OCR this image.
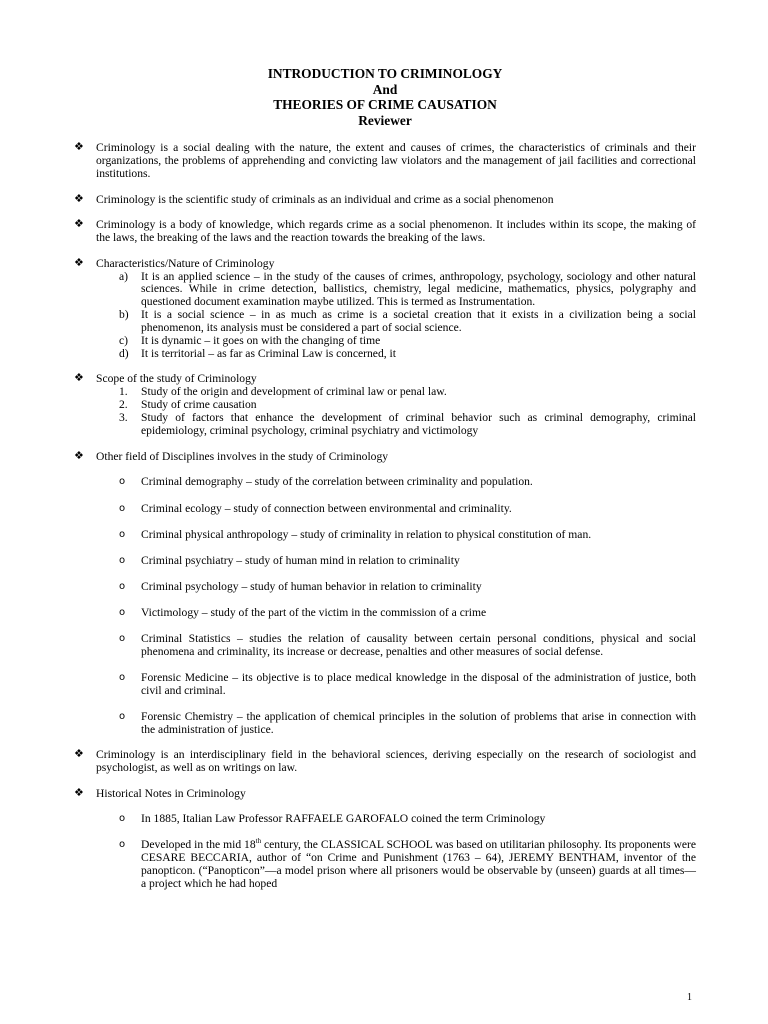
INTRODUCTION TO CRIMINOLOGY
And
THEORIES OF CRIME CAUSATION
Reviewer
❖ Criminology is a social dealing with the nature, the extent and causes of crimes, the characteristics of criminals and their organizations, the problems of apprehending and convicting law violators and the management of jail facilities and correctional institutions.
❖ Criminology is the scientific study of criminals as an individual and crime as a social phenomenon
❖ Criminology is a body of knowledge, which regards crime as a social phenomenon. It includes within its scope, the making of the laws, the breaking of the laws and the reaction towards the breaking of the laws.
❖ Characteristics/Nature of Criminology
a) It is an applied science – in the study of the causes of crimes, anthropology, psychology, sociology and other natural sciences. While in crime detection, ballistics, chemistry, legal medicine, mathematics, physics, polygraphy and questioned document examination maybe utilized. This is termed as Instrumentation.
b) It is a social science – in as much as crime is a societal creation that it exists in a civilization being a social phenomenon, its analysis must be considered a part of social science.
c) It is dynamic – it goes on with the changing of time
d) It is territorial – as far as Criminal Law is concerned, it
❖ Scope of the study of Criminology
1. Study of the origin and development of criminal law or penal law.
2. Study of crime causation
3. Study of factors that enhance the development of criminal behavior such as criminal demography, criminal epidemiology, criminal psychology, criminal psychiatry and victimology
❖ Other field of Disciplines involves in the study of Criminology
o Criminal demography – study of the correlation between criminality and population.
o Criminal ecology – study of connection between environmental and criminality.
o Criminal physical anthropology – study of criminality in relation to physical constitution of man.
o Criminal psychiatry – study of human mind in relation to criminality
o Criminal psychology – study of human behavior in relation to criminality
o Victimology – study of the part of the victim in the commission of a crime
o Criminal Statistics – studies the relation of causality between certain personal conditions, physical and social phenomena and criminality, its increase or decrease, penalties and other measures of social defense.
o Forensic Medicine – its objective is to place medical knowledge in the disposal of the administration of justice, both civil and criminal.
o Forensic Chemistry – the application of chemical principles in the solution of problems that arise in connection with the administration of justice.
❖ Criminology is an interdisciplinary field in the behavioral sciences, deriving especially on the research of sociologist and psychologist, as well as on writings on law.
❖ Historical Notes in Criminology
o In 1885, Italian Law Professor RAFFAELE GAROFALO coined the term Criminology
o Developed in the mid 18th century, the CLASSICAL SCHOOL was based on utilitarian philosophy. Its proponents were CESARE BECCARIA, author of “on Crime and Punishment (1763 – 64), JEREMY BENTHAM, inventor of the panopticon. (“Panopticon”—a model prison where all prisoners would be observable by (unseen) guards at all times—a project which he had hoped
1
